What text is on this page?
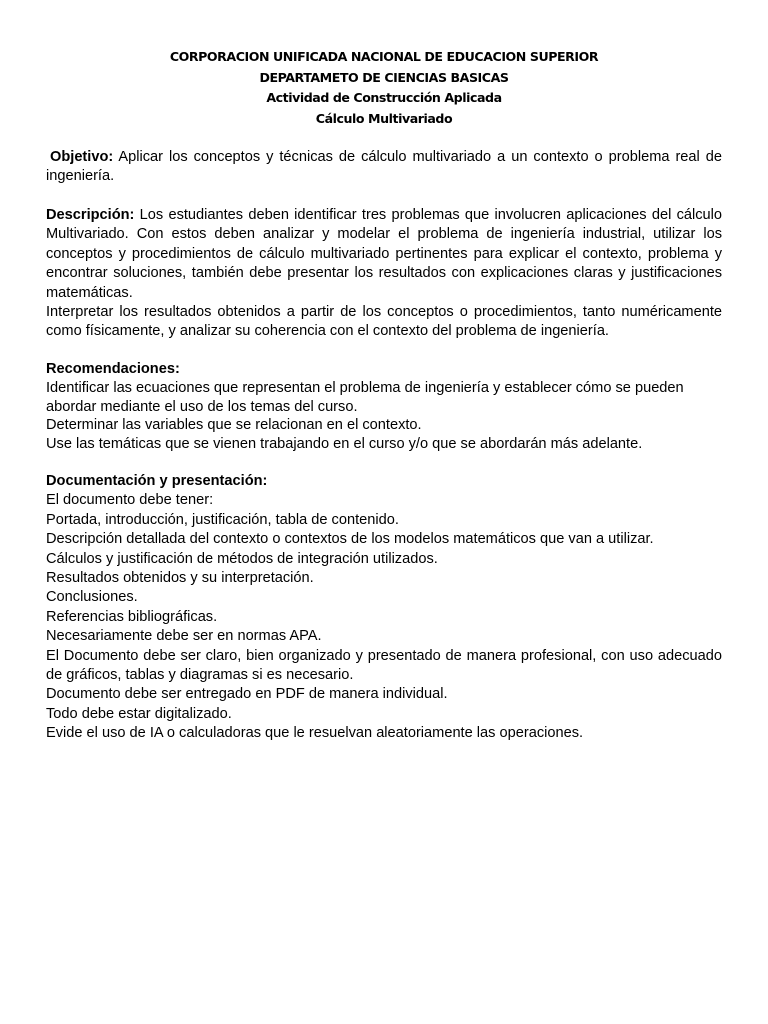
CORPORACION UNIFICADA NACIONAL DE EDUCACION SUPERIOR
DEPARTAMETO DE CIENCIAS BASICAS
Actividad de Construcción Aplicada
Cálculo Multivariado

Objetivo: Aplicar los conceptos y técnicas de cálculo multivariado a un contexto o problema real de ingeniería.

Descripción: Los estudiantes deben identificar tres problemas que involucren aplicaciones del cálculo Multivariado. Con estos deben analizar y modelar el problema de ingeniería industrial, utilizar los conceptos y procedimientos de cálculo multivariado pertinentes para explicar el contexto, problema y encontrar soluciones, también debe presentar los resultados con explicaciones claras y justificaciones matemáticas.

Interpretar los resultados obtenidos a partir de los conceptos o procedimientos, tanto numéricamente como físicamente, y analizar su coherencia con el contexto del problema de ingeniería.

Recomendaciones:

Identificar las ecuaciones que representan el problema de ingeniería y establecer cómo se pueden abordar mediante el uso de los temas del curso.

Determinar las variables que se relacionan en el contexto.

Use las temáticas que se vienen trabajando en el curso y/o que se abordarán más adelante.

Documentación y presentación:

El documento debe tener:

Portada, introducción, justificación, tabla de contenido.

Descripción detallada del contexto o contextos de los modelos matemáticos que van a utilizar.

Cálculos y justificación de métodos de integración utilizados.

Resultados obtenidos y su interpretación.

Conclusiones.

Referencias bibliográficas.

Necesariamente debe ser en normas APA.

El Documento debe ser claro, bien organizado y presentado de manera profesional, con uso adecuado de gráficos, tablas y diagramas si es necesario.

Documento debe ser entregado en PDF de manera individual.

Todo debe estar digitalizado.

Evide el uso de IA o calculadoras que le resuelvan aleatoriamente las operaciones.
